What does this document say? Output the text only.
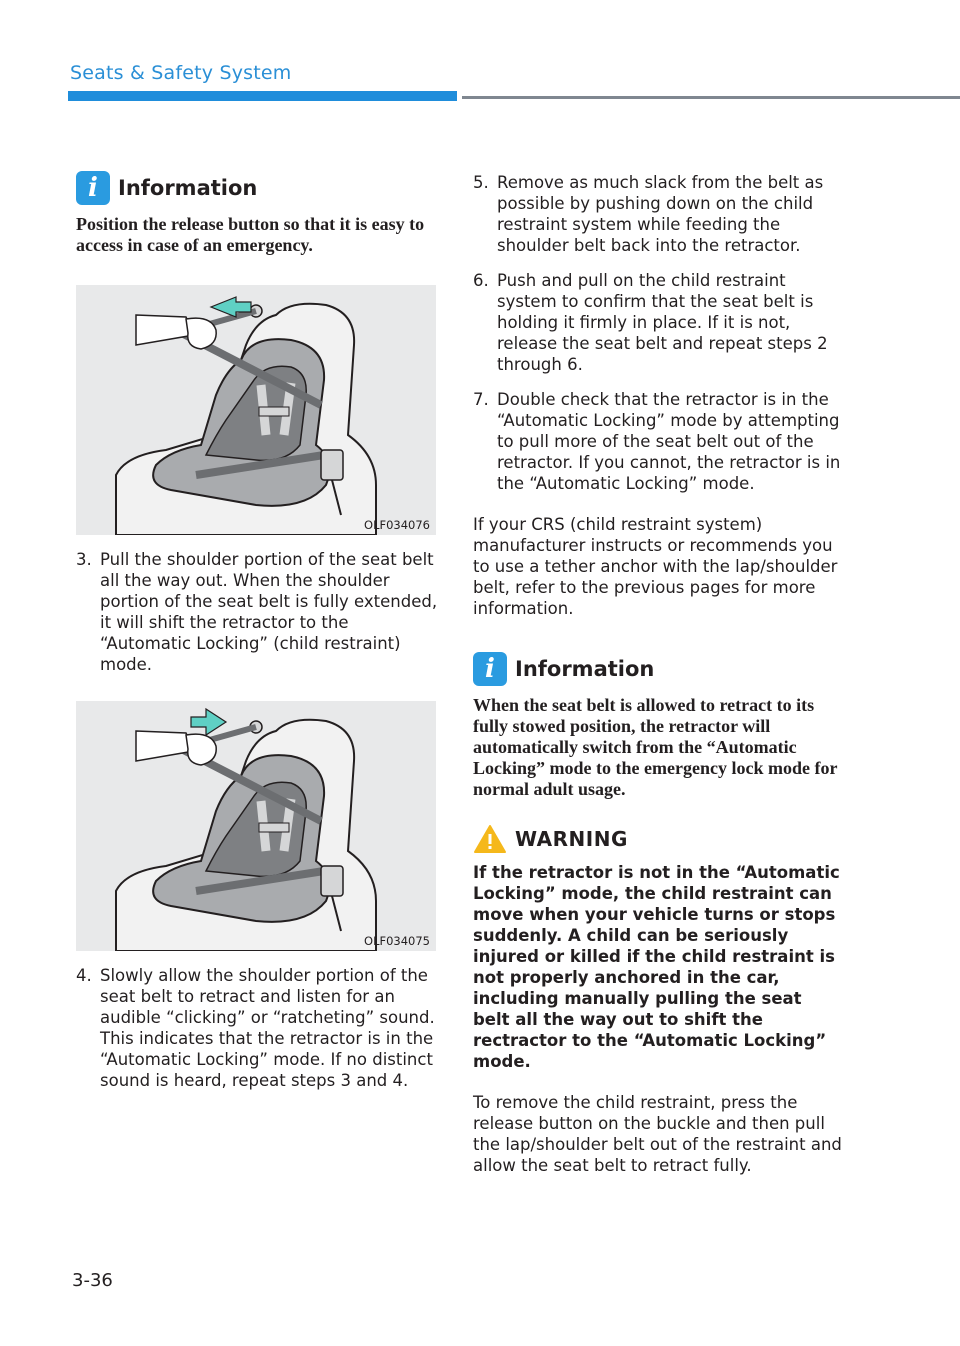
Seats & Safety System
i Information
Position the release button so that it is easy to access in case of an emergency.
OLF034076
3. Pull the shoulder portion of the seat belt all the way out. When the shoulder portion of the seat belt is fully extended, it will shift the retractor to the “Automatic Locking” (child restraint) mode.
OLF034075
4. Slowly allow the shoulder portion of the seat belt to retract and listen for an audible “clicking” or “ratcheting” sound. This indicates that the retractor is in the “Automatic Locking” mode. If no distinct sound is heard, repeat steps 3 and 4.
5. Remove as much slack from the belt as possible by pushing down on the child restraint system while feeding the shoulder belt back into the retractor.
6. Push and pull on the child restraint system to confirm that the seat belt is holding it firmly in place. If it is not, release the seat belt and repeat steps 2 through 6.
7. Double check that the retractor is in the “Automatic Locking” mode by attempting to pull more of the seat belt out of the retractor. If you cannot, the retractor is in the “Automatic Locking” mode.
If your CRS (child restraint system) manufacturer instructs or recommends you to use a tether anchor with the lap/shoulder belt, refer to the previous pages for more information.
i Information
When the seat belt is allowed to retract to its fully stowed position, the retractor will automatically switch from the “Automatic Locking” mode to the emergency lock mode for normal adult usage.
WARNING
If the retractor is not in the “Automatic Locking” mode, the child restraint can move when your vehicle turns or stops suddenly. A child can be seriously injured or killed if the child restraint is not properly anchored in the car, including manually pulling the seat belt all the way out to shift the rectractor to the “Automatic Locking” mode.
To remove the child restraint, press the release button on the buckle and then pull the lap/shoulder belt out of the restraint and allow the seat belt to retract fully.
3-36
